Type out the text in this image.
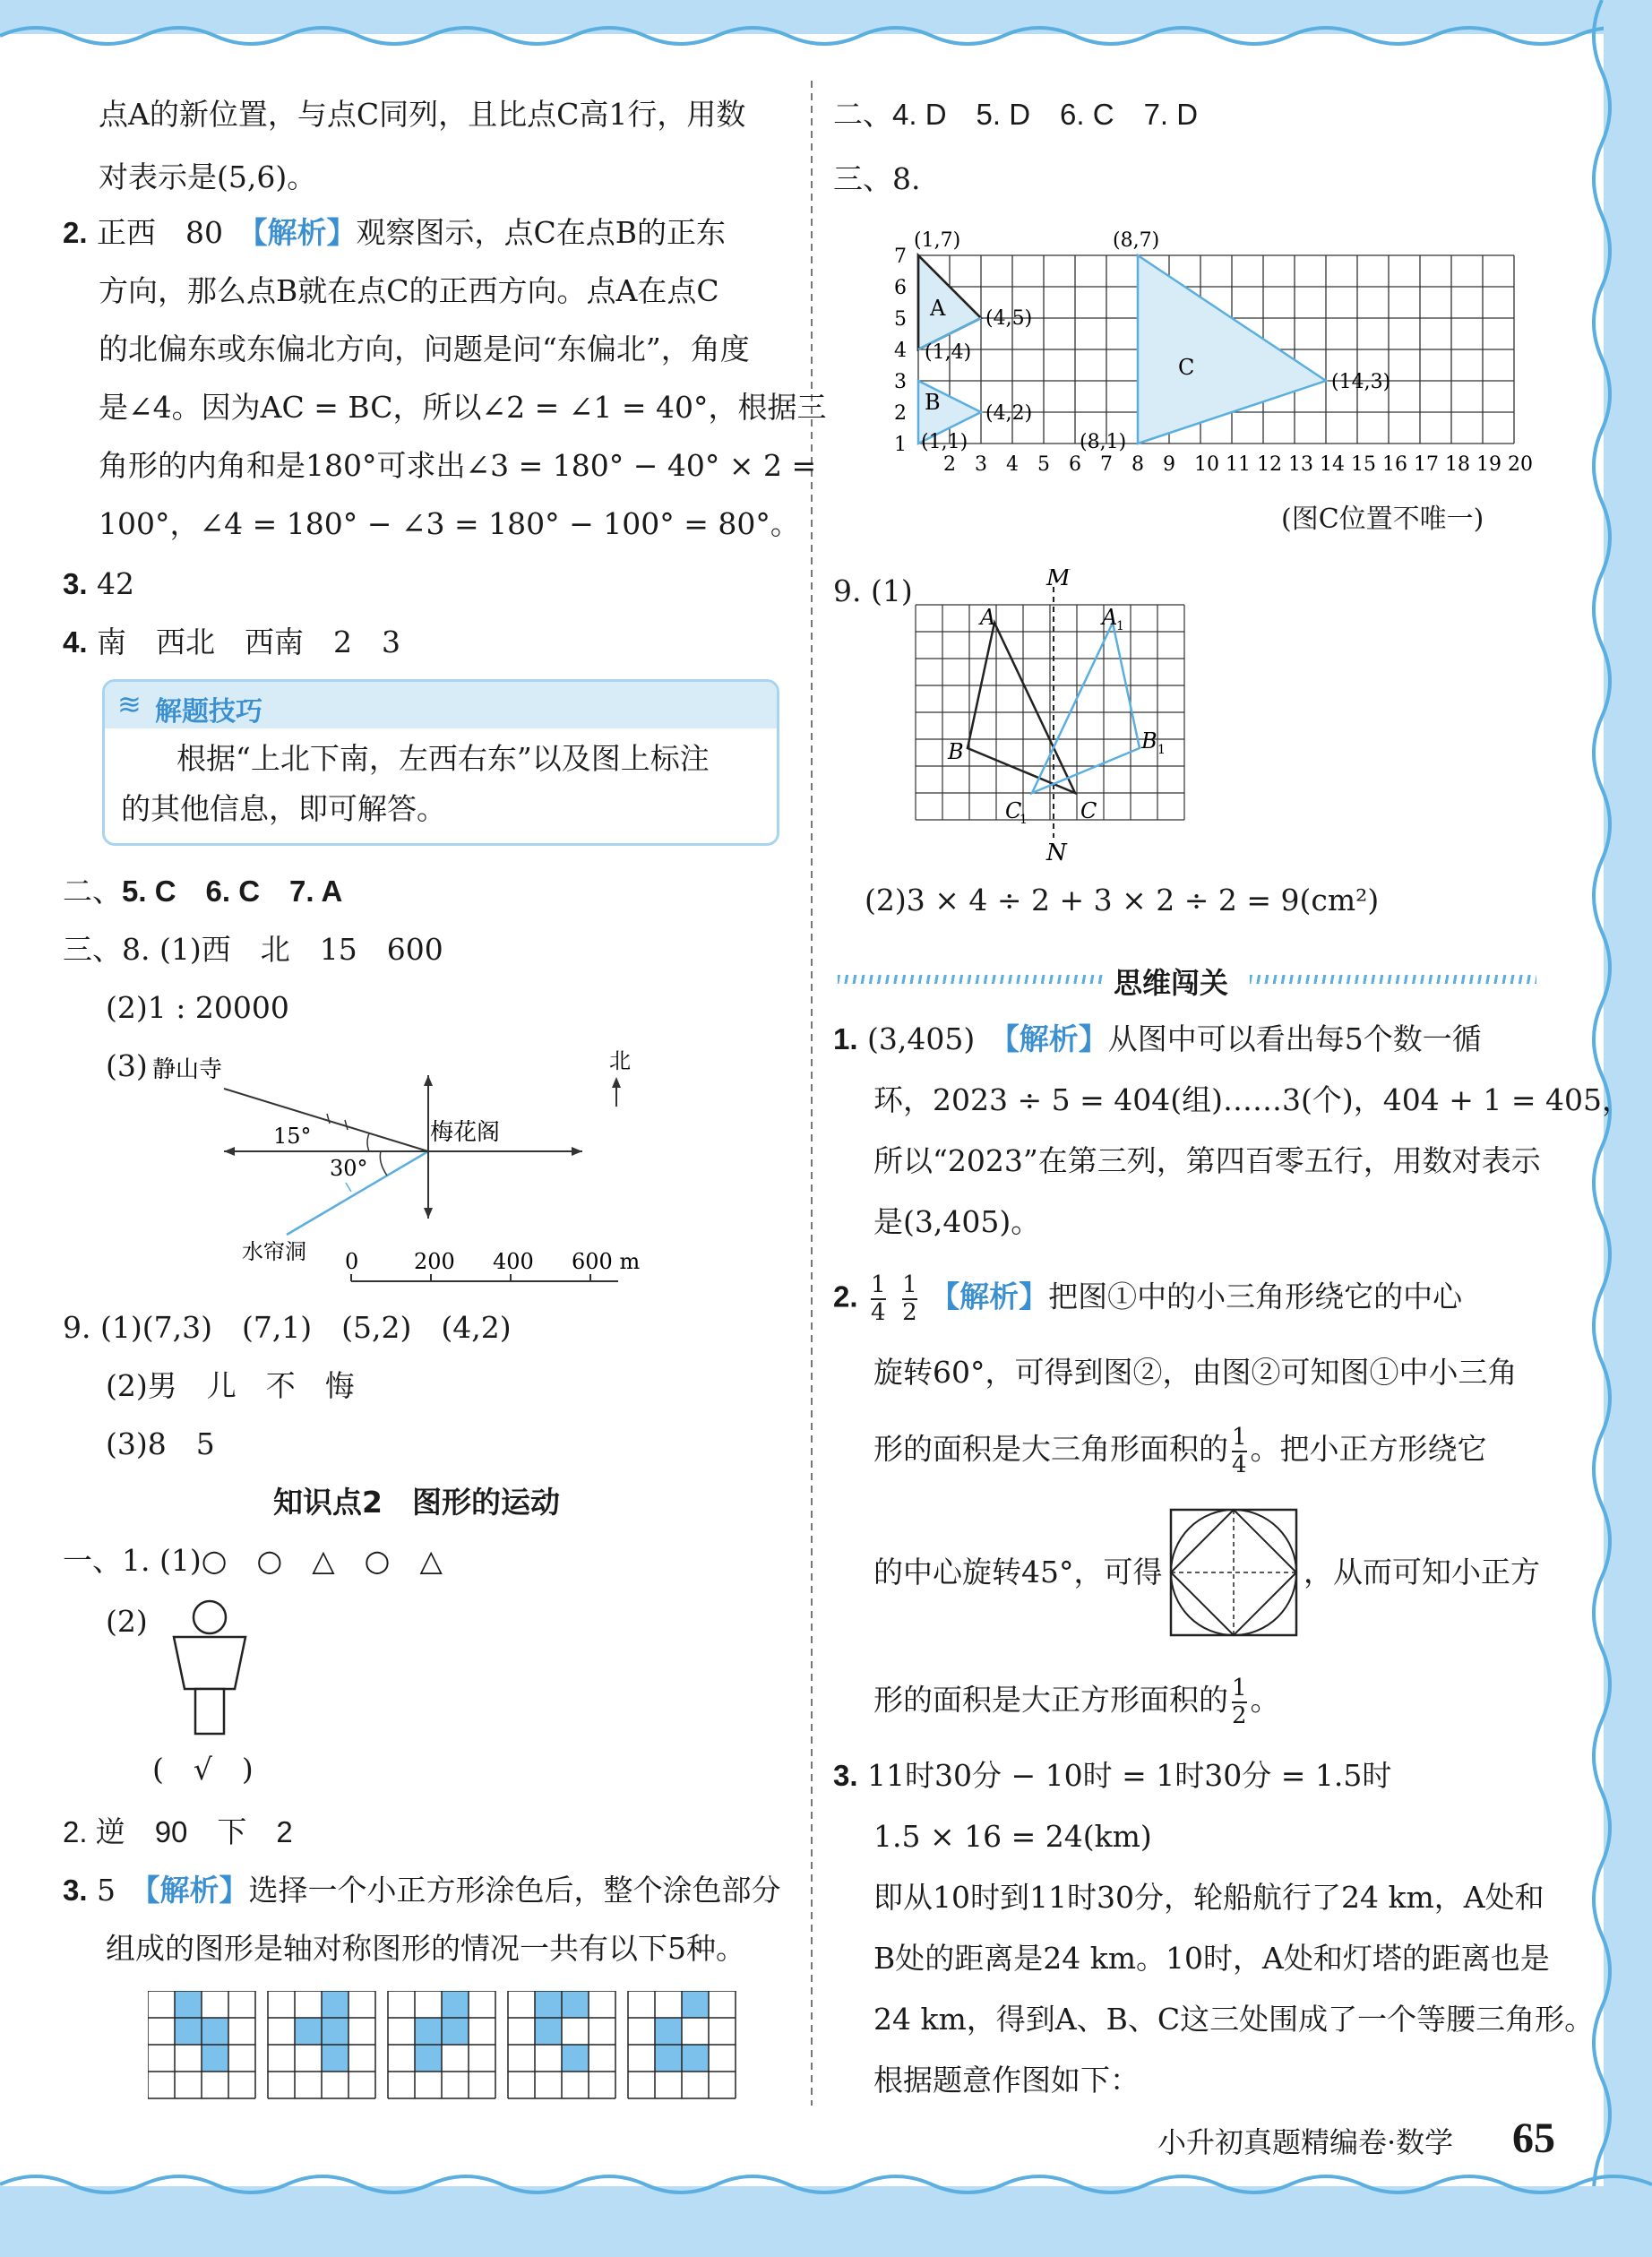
点A的新位置，与点C同列，且比点C高1行，用数
对表示是(5,6)。
2. 正西　80　 【解析】观察图示，点C在点B的正东
方向，那么点B就在点C的正西方向。点A在点C
的北偏东或东偏北方向，问题是问“东偏北”，角度
是∠4。因为AC = BC，所以∠2 = ∠1 = 40°，根据三
角形的内角和是180°可求出∠3 = 180° − 40° × 2 =
100°，∠4 = 180° − ∠3 = 180° − 100° = 80°。
3. 42
4. 南　西北　西南　2　3
≋ 解题技巧
根据“上北下南，左西右东”以及图上标注
的其他信息，即可解答。
二、5. C　6. C　7. A
三、8. (1)西　北　15　600
(2)1 : 20000
(3) 静山寺
梅花阁
水帘洞
北
15°
30°
0	200 400 600 m
9. (1)(7,3)　(7,1)　(5,2)　(4,2)
(2)男　儿　不　悔
(3)8　5
知识点2　图形的运动
一、1. (1)○　○　△　○　△
(2)
(　√　)
2. 逆　90　下　2
3. 5　 【解析】选择一个小正方形涂色后，整个涂色部分
组成的图形是轴对称图形的情况一共有以下5种。
二、4. D　5. D　6. C　7. D
三、8.
2 3 4 5 6 7 8 9 10 11 12 13 14 15 16 17 18 19 20
1
2
3
4
5
6
7
A
B
C
(1,7)	(8,7)
(4,5)
(1,4)
(14,3)
(4,2)
(1,1)	(8,1)
(图C位置不唯一)
9. (1)	M
N
A	A
1
B	B 1
C
1 C
(2)3 × 4 ÷ 2 + 3 × 2 ÷ 2 = 9(cm²)
思维闯关
1. (3,405)　 【解析】从图中可以看出每5个数一循
环，2023 ÷ 5 = 404(组)……3(个)，404 + 1 = 405，
所以“2023”在第三列，第四百零五行，用数对表示
是(3,405)。
2. $\frac{1}{4}$
$\frac{1}{2}$ 【解析】把图①中的小三角形绕它的中心
旋转60°，可得到图②，由图②可知图①中小三角
形的面积是大三角形面积的 $\frac{1}{4}$ 。把小正方形绕它
的中心旋转45°，可得	，从而可知小正方
形的面积是大正方形面积的 $\frac{1}{2}$ 。
3. 11时30分 − 10时 = 1时30分 = 1.5时
1.5 × 16 = 24(km)
即从10时到11时30分，轮船航行了24 km，A处和
B处的距离是24 km。10时，A处和灯塔的距离也是
24 km，得到A、B、C这三处围成了一个等腰三角形。
根据题意作图如下：
小升初真题精编卷·数学 65
